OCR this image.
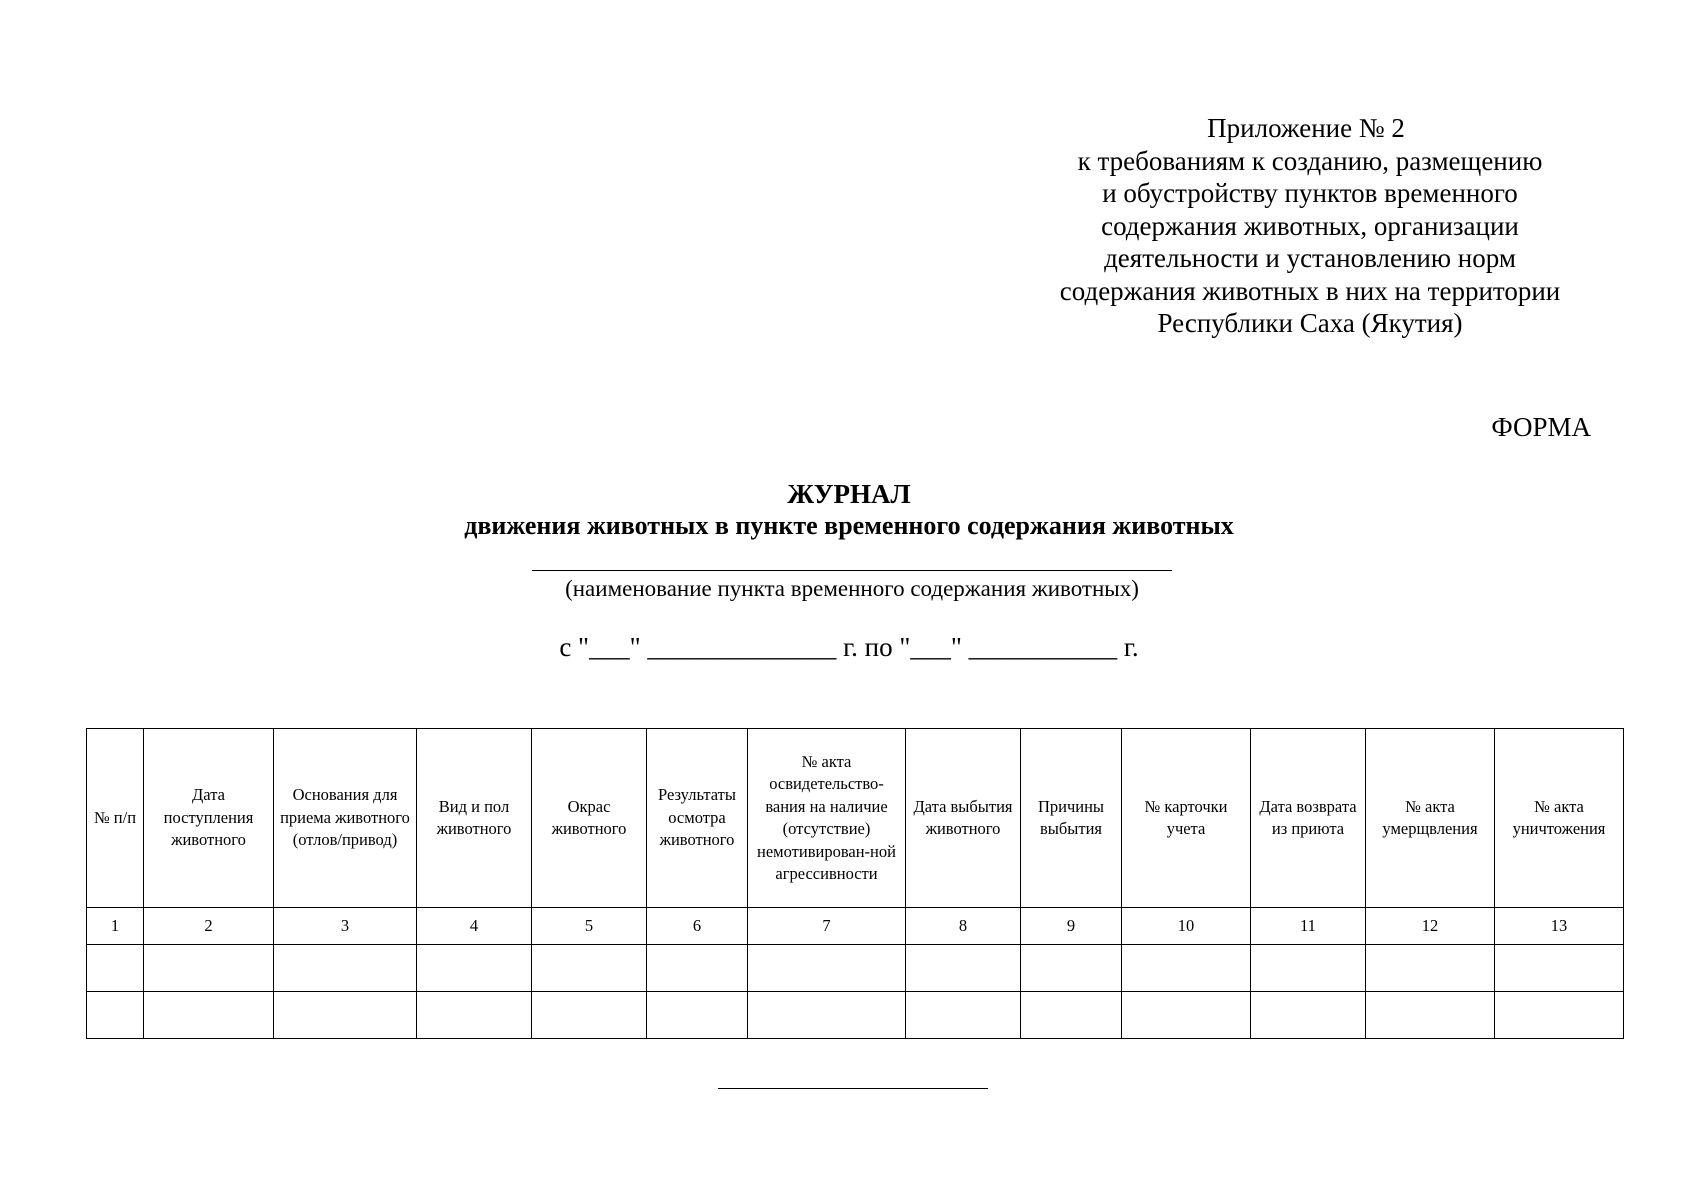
Приложение № 2
к требованиям к созданию, размещению
и обустройству пунктов временного
содержания животных, организации
деятельности и установлению норм
содержания животных в них на территории
Республики Саха (Якутия)
ФОРМА
ЖУРНАЛ
движения животных в пункте временного содержания животных
(наименование пункта временного содержания животных)
с "___" ______________ г. по "___" ___________ г.
№ п/п	Дата поступления животного	Основания для приема животного (отлов/привод)	Вид и пол животного	Окрас животного	Результаты осмотра животного	№ акта освидетельство-вания на наличие (отсутствие) немотивирован-ной агрессивности	Дата выбытия животного	Причины выбытия	№ карточки учета	Дата возврата из приюта	№ акта умерщвления	№ акта уничтожения
1	2	3	4	5	6	7	8	9	10	11	12	13
